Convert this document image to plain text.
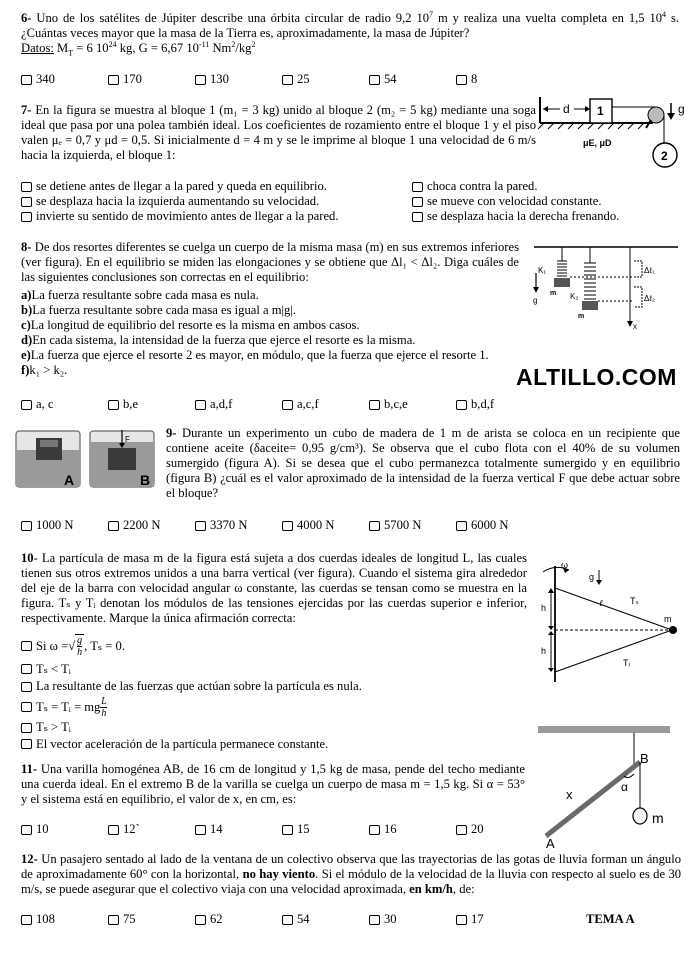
6- Uno de los satélites de Júpiter describe una órbita circular de radio 9,2 $10^7$ m y realiza una vuelta completa en 1,5 $10^4$ s. ¿Cuántas veces mayor que la masa de la Tierra es, aproximadamente, la masa de Júpiter?
Datos: $M_T = 6$ $10^{24}$ kg, G = 6,67 $10^{-11}$ $Nm^2/kg^2$
340	170	130	25	54	8
7- En la figura se muestra al bloque 1 (m₁ = 3 kg) unido al bloque 2 (m₂ = 5 kg) mediante una soga ideal que pasa por una polea también ideal. Los coeficientes de rozamiento entre el bloque 1 y el piso valen μₑ = 0,7 y μd = 0,5. Si inicialmente d = 4 m y se le imprime al bloque 1 una velocidad de 6 m/s hacia la izquierda, el bloque 1:
d 1
2
g
μE, μD
se detiene antes de llegar a la pared y queda en equilibrio.	choca contra la pared.
se desplaza hacia la izquierda aumentando su velocidad.	se mueve con velocidad constante.
invierte su sentido de movimiento antes de llegar a la pared.	se desplaza hacia la derecha frenando.
8- De dos resortes diferentes se cuelga un cuerpo de la misma masa (m) en sus extremos inferiores (ver figura). En el equilibrio se miden las elongaciones y se obtiene que Δl₁ < Δl₂. Diga cuáles de las siguientes conclusiones son correctas en el equilibrio:
a) La fuerza resultante sobre cada masa es nula.
b) La fuerza resultante sobre cada masa es igual a m|g|.
c) La longitud de equilibrio del resorte es la misma en ambos casos.
d) En cada sistema, la intensidad de la fuerza que ejerce el resorte es la misma.
e) La fuerza que ejerce el resorte 2 es mayor, en módulo, que la fuerza que ejerce el resorte 1.
f) k₁ > k₂.
K₁
m K₂
m
g
x
Δℓ₁
Δℓ₂
ALTILLO.COM
a, c	b,e	a,d,f	a,c,f	b,c,e	b,d,f
A
F
B
9- Durante un experimento un cubo de madera de 1 m de arista se coloca en un recipiente que contiene aceite (δaceite= 0,95 g/cm³). Se observa que el cubo flota con el 40% de su volumen sumergido (figura A). Si se desea que el cubo permanezca totalmente sumergido y en equilibrio (figura B) ¿cuál es el valor aproximado de la intensidad de la fuerza vertical F que debe actuar sobre el bloque?
1000 N	2200 N	3370 N	4000 N	5700 N	6000 N
10- La partícula de masa m de la figura está sujeta a dos cuerdas ideales de longitud L, las cuales tienen sus otros extremos unidos a una barra vertical (ver figura). Cuando el sistema gira alrededor del eje de la barra con velocidad angular ω constante, las cuerdas se tensan como se muestra en la figura. Tₛ y Tᵢ denotan los módulos de las tensiones ejercidas por las cuerdas superior e inferior, respectivamente. Marque la única afirmación correcta:
Si ω = √ g
h , Tₛ = 0.
Tₛ < Tᵢ
La resultante de las fuerzas que actúan sobre la partícula es nula.
Tₛ = Tᵢ = mg L
h
Tₛ > Tᵢ
El vector aceleración de la partícula permanece constante.
ω
g
m
Tₛ
Tᵢ
ℓ
h
h
11- Una varilla homogénea AB, de 16 cm de longitud y 1,5 kg de masa, pende del techo mediante una cuerda ideal. En el extremo B de la varilla se cuelga un cuerpo de masa m = 1,5 kg. Si α = 53° y el sistema está en equilibrio, el valor de x, en cm, es:
10	12`	14	15	16	20
m
B
A
x	α
12- Un pasajero sentado al lado de la ventana de un colectivo observa que las trayectorias de las gotas de lluvia forman un ángulo de aproximadamente 60° con la horizontal, no hay viento. Si el módulo de la velocidad de la lluvia con respecto al suelo es de 30 m/s, se puede asegurar que el colectivo viaja con una velocidad aproximada, en km/h, de:
108	75	62	54	30	17	TEMA A
